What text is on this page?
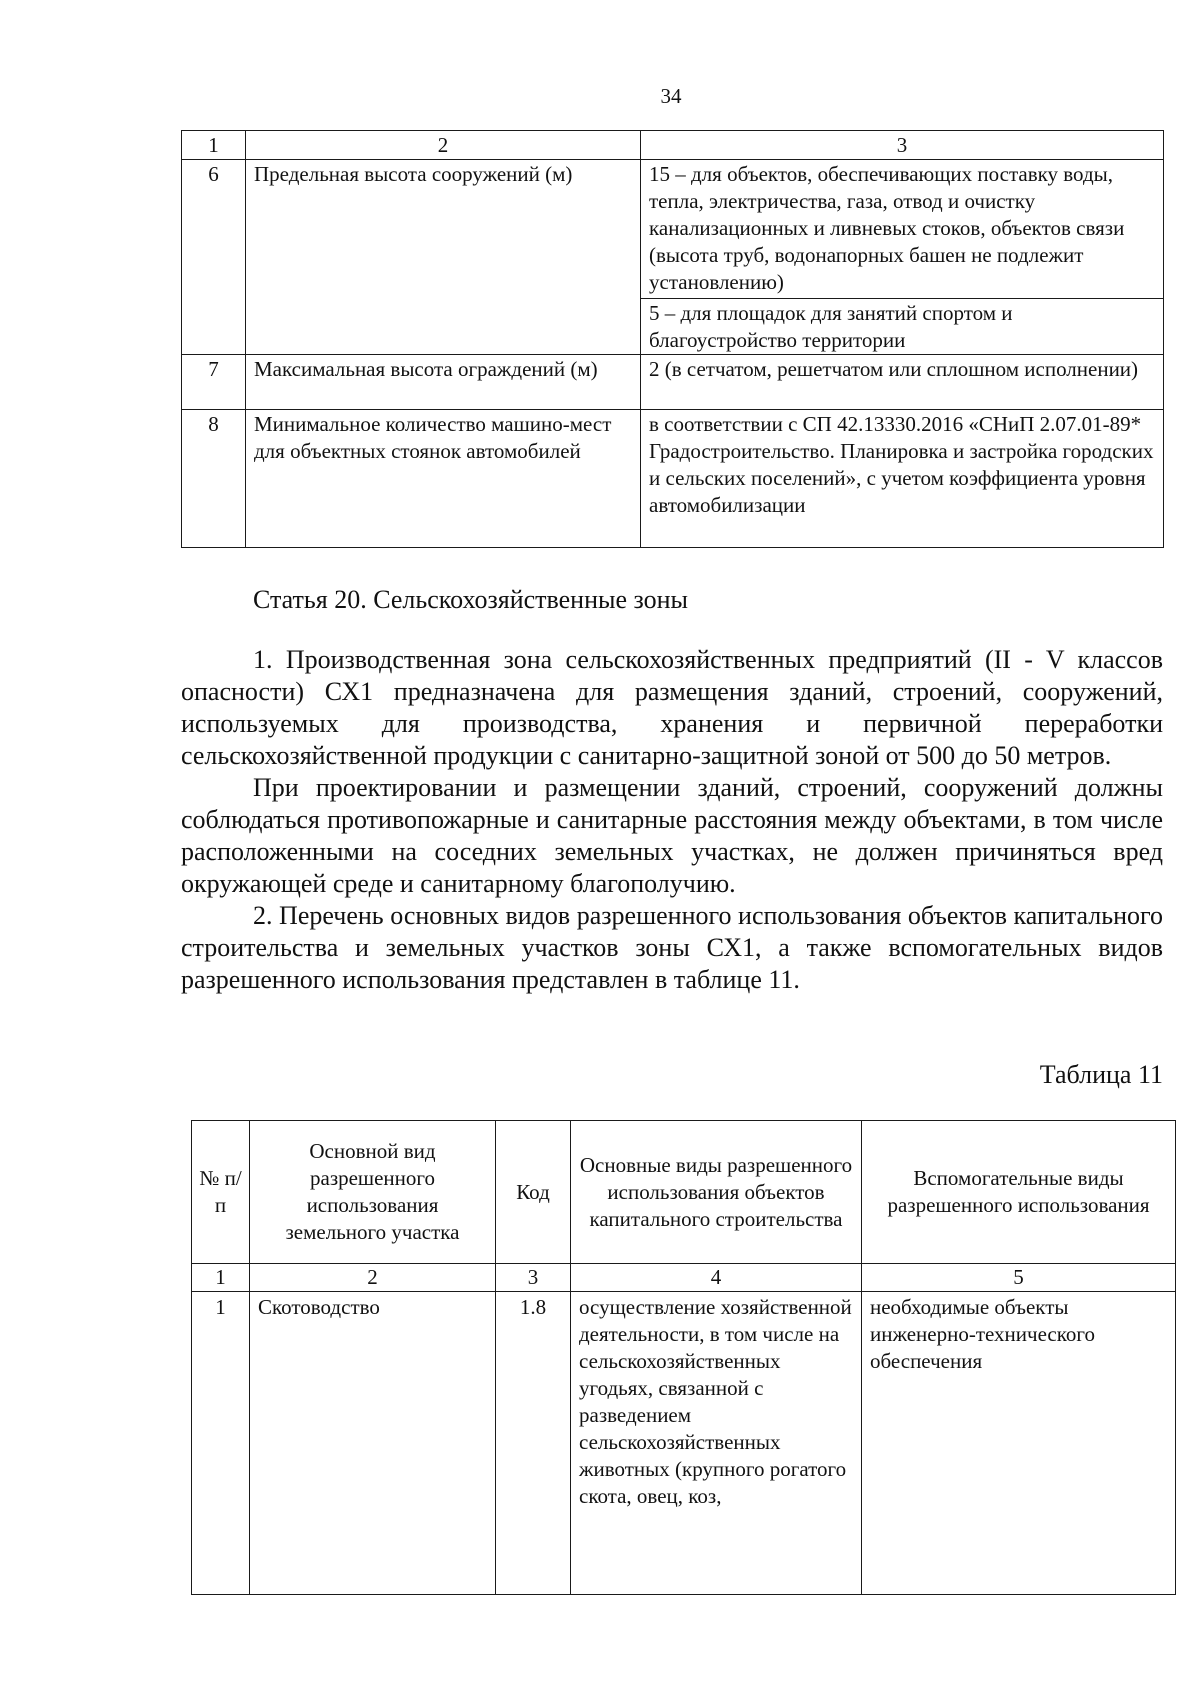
34
1	2	3
6	Предельная высота сооружений (м)	15 – для объектов, обеспечивающих поставку воды, тепла, электричества, газа, отвод и очистку канализационных и ливневых стоков, объектов связи (высота труб, водонапорных башен не подлежит установлению)
		5 – для площадок для занятий спортом и благоустройство территории
7	Максимальная высота ограждений (м)	2 (в сетчатом, решетчатом или сплошном исполнении)
8	Минимальное количество машино-мест для объектных стоянок автомобилей	в соответствии с СП 42.13330.2016 «СНиП 2.07.01-89* Градостроительство. Планировка и застройка городских и сельских поселений», с учетом коэффициента уровня автомобилизации
Статья 20. Сельскохозяйственные зоны

1. Производственная зона сельскохозяйственных предприятий (II - V классов опасности) СХ1 предназначена для размещения зданий, строений, сооружений, используемых для производства, хранения и первичной переработки сельскохозяйственной продукции с санитарно-защитной зоной от 500 до 50 метров.

При проектировании и размещении зданий, строений, сооружений должны соблюдаться противопожарные и санитарные расстояния между объектами, в том числе расположенными на соседних земельных участках, не должен причиняться вред окружающей среде и санитарному благополучию.

2. Перечень основных видов разрешенного использования объектов капитального строительства и земельных участков зоны СХ1, а также вспомогательных видов разрешенного использования представлен в таблице 11.

Таблица 11
№ п/п	Основной вид разрешенного использования земельного участка	Код	Основные виды разрешенного использования объектов капитального строительства	Вспомогательные виды разрешенного использования
1	2	3	4	5
1	Скотоводство	1.8	осуществление хозяйственной деятельности, в том числе на сельскохозяйственных угодьях, связанной с разведением сельскохозяйственных животных (крупного рогатого скота, овец, коз,	необходимые объекты инженерно-технического обеспечения
